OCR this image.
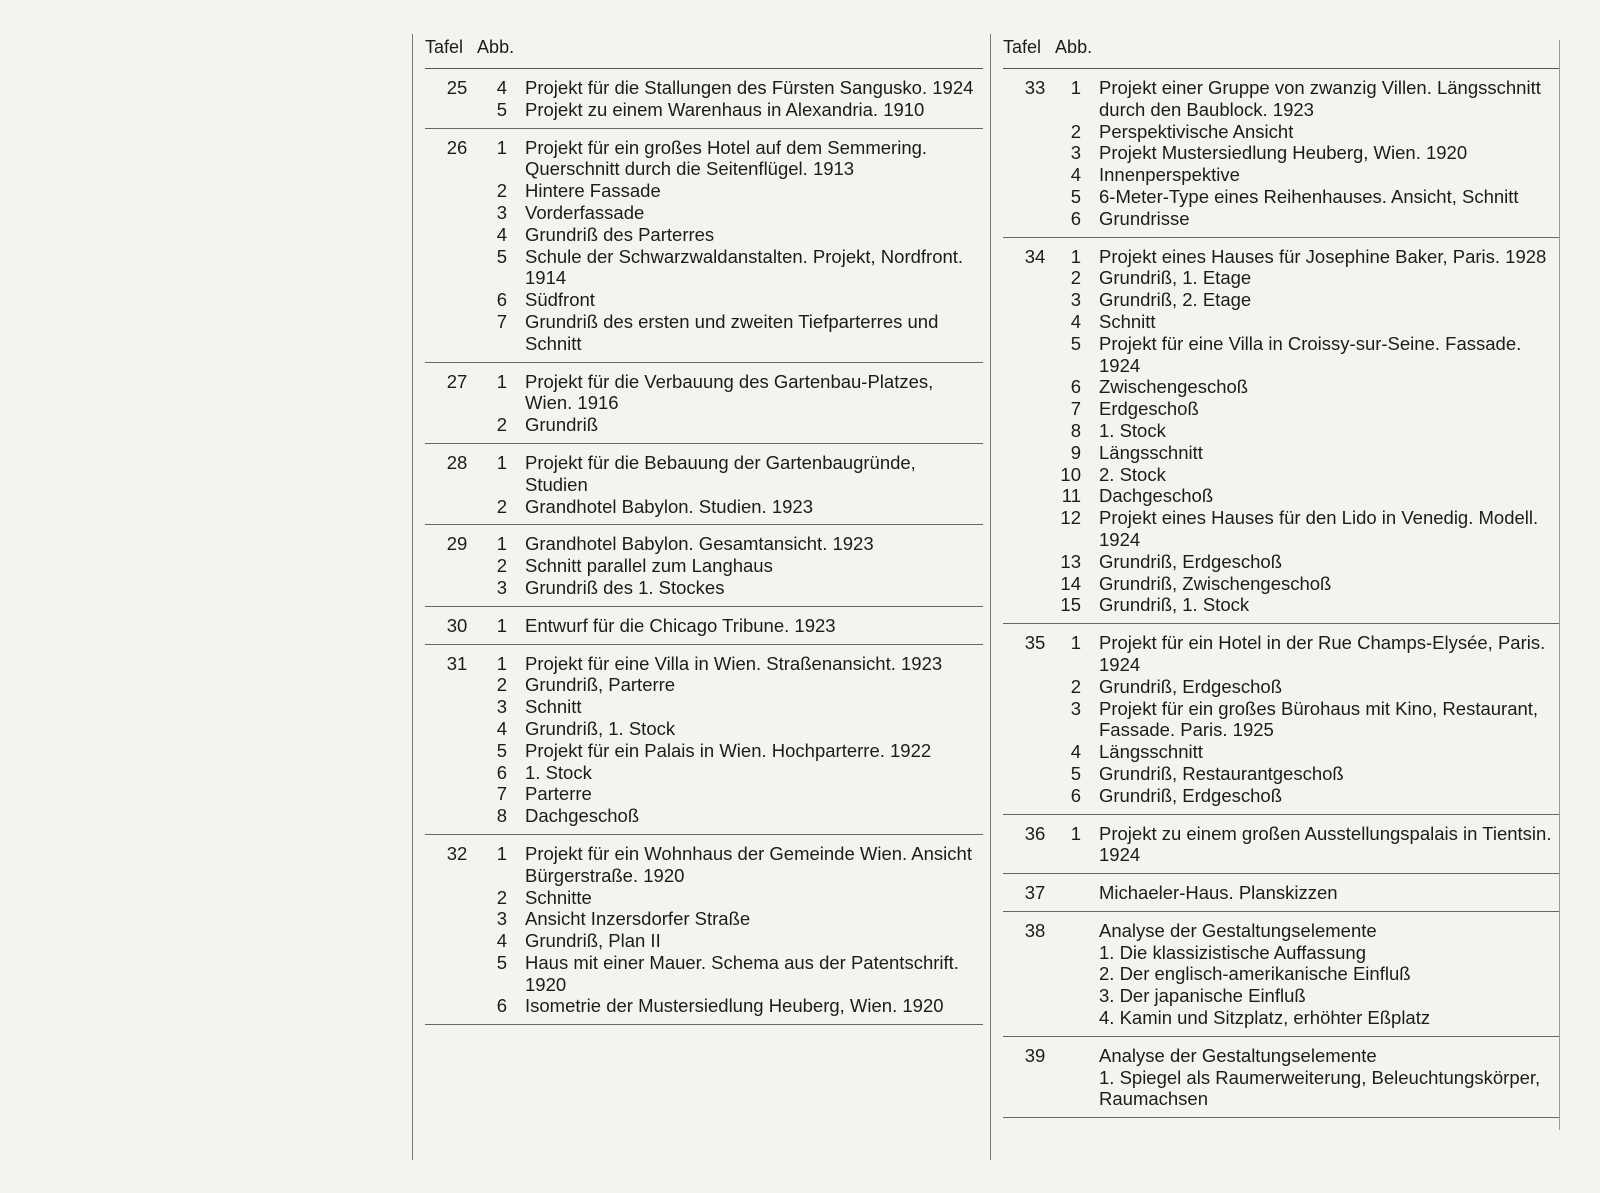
Tafel Abb.
25	4 Projekt für die Stallungen des Fürsten Sangusko. 1924
5 Projekt zu einem Warenhaus in Alexandria. 1910
26	1 Projekt für ein großes Hotel auf dem Semmering. Querschnitt durch die Seitenflügel. 1913
2 Hintere Fassade
3 Vorderfassade
4 Grundriß des Parterres
5 Schule der Schwarzwaldanstalten. Projekt, Nordfront. 1914
6 Südfront
7 Grundriß des ersten und zweiten Tiefparterres und Schnitt
27	1 Projekt für die Verbauung des Gartenbau-Platzes, Wien. 1916
2 Grundriß
28	1 Projekt für die Bebauung der Gartenbaugründe, Studien
2 Grandhotel Babylon. Studien. 1923
29	1 Grandhotel Babylon. Gesamtansicht. 1923
2 Schnitt parallel zum Langhaus
3 Grundriß des 1. Stockes
30	1 Entwurf für die Chicago Tribune. 1923
31	1 Projekt für eine Villa in Wien. Straßenansicht. 1923
2 Grundriß, Parterre
3 Schnitt
4 Grundriß, 1. Stock
5 Projekt für ein Palais in Wien. Hochparterre. 1922
6 1. Stock
7 Parterre
8 Dachgeschoß
32	1 Projekt für ein Wohnhaus der Gemeinde Wien. Ansicht Bürgerstraße. 1920
2 Schnitte
3 Ansicht Inzersdorfer Straße
4 Grundriß, Plan II
5 Haus mit einer Mauer. Schema aus der Patentschrift. 1920
6 Isometrie der Mustersiedlung Heuberg, Wien. 1920
Tafel Abb.
33	1 Projekt einer Gruppe von zwanzig Villen. Längsschnitt durch den Baublock. 1923
2 Perspektivische Ansicht
3 Projekt Mustersiedlung Heuberg, Wien. 1920
4 Innenperspektive
5 6-Meter-Type eines Reihenhauses. Ansicht, Schnitt
6 Grundrisse
34	1 Projekt eines Hauses für Josephine Baker, Paris. 1928
2 Grundriß, 1. Etage
3 Grundriß, 2. Etage
4 Schnitt
5 Projekt für eine Villa in Croissy-sur-Seine. Fassade. 1924
6 Zwischengeschoß
7 Erdgeschoß
8 1. Stock
9 Längsschnitt
10 2. Stock
11 Dachgeschoß
12 Projekt eines Hauses für den Lido in Venedig. Modell. 1924
13 Grundriß, Erdgeschoß
14 Grundriß, Zwischengeschoß
15 Grundriß, 1. Stock
35	1 Projekt für ein Hotel in der Rue Champs-Elysée, Paris. 1924
2 Grundriß, Erdgeschoß
3 Projekt für ein großes Bürohaus mit Kino, Restaurant, Fassade. Paris. 1925
4 Längsschnitt
5 Grundriß, Restaurantgeschoß
6 Grundriß, Erdgeschoß
36	1 Projekt zu einem großen Ausstellungspalais in Tientsin. 1924
37	Michaeler-Haus. Planskizzen
38	Analyse der Gestaltungselemente
1. Die klassizistische Auffassung
2. Der englisch-amerikanische Einfluß
3. Der japanische Einfluß
4. Kamin und Sitzplatz, erhöhter Eßplatz
39	Analyse der Gestaltungselemente
1. Spiegel als Raumerweiterung, Beleuchtungskörper, Raumachsen
